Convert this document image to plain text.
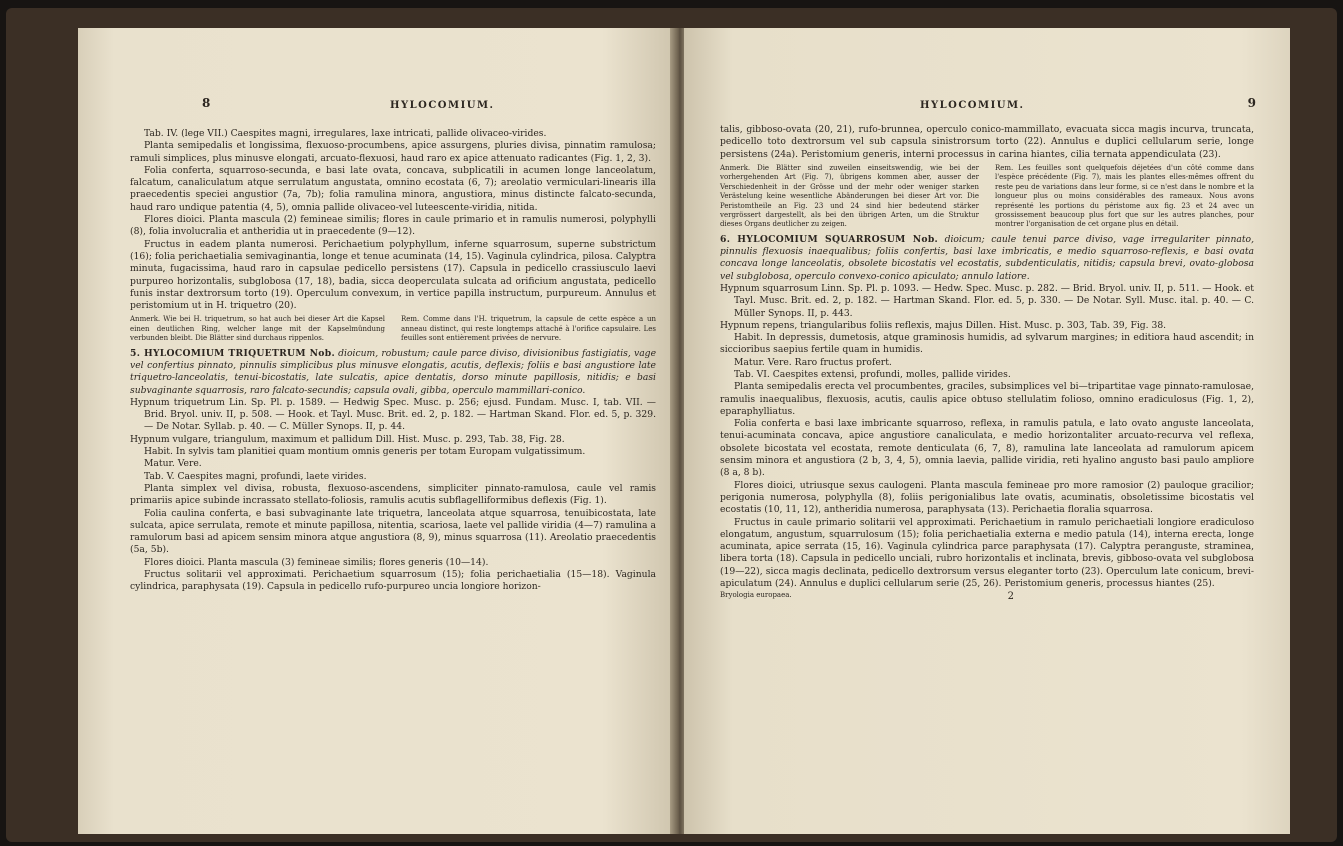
8	HYLOCOMIUM.

Tab. IV. (lege VII.) Caespites magni, irregulares, laxe intricati, pallide olivaceo-virides.

Planta semipedalis et longissima, flexuoso-procumbens, apice assurgens, pluries divisa, pinnatim ramulosa; ramuli simplices, plus minusve elongati, arcuato-flexuosi, haud raro ex apice attenuato radicantes (Fig. 1, 2, 3).

Folia conferta, squarroso-secunda, e basi late ovata, concava, subplicatili in acumen longe lanceolatum, falcatum, canaliculatum atque serrulatum angustata, omnino ecostata (6, 7); areolatio vermiculari-linearis illa praecedentis speciei angustior (7a, 7b); folia ramulina minora, angustiora, minus distincte falcato-secunda, haud raro undique patentia (4, 5), omnia pallide olivaceo-vel luteescente-viridia, nitida.

Flores dioici. Planta mascula (2) femineae similis; flores in caule primario et in ramulis numerosi, polyphylli (8), folia involucralia et antheridia ut in praecedente (9—12).

Fructus in eadem planta numerosi. Perichaetium polyphyllum, inferne squarrosum, superne substrictum (16); folia perichaetialia semivaginantia, longe et tenue acuminata (14, 15). Vaginula cylindrica, pilosa. Calyptra minuta, fugacissima, haud raro in capsulae pedicello persistens (17). Capsula in pedicello crassiusculo laevi purpureo horizontalis, subglobosa (17, 18), badia, sicca deoperculata sulcata ad orificium angustata, pedicello funis instar dextrorsum torto (19). Operculum convexum, in vertice papilla instructum, purpureum. Annulus et peristomium ut in H. triquetro (20).

Anmerk. Wie bei H. triquetrum, so hat auch bei dieser Art die Kapsel einen deutlichen Ring, welcher lange mit der Kapselmündung verbunden bleibt. Die Blätter sind durchaus rippenlos.
Rem. Comme dans l'H. triquetrum, la capsule de cette espèce a un anneau distinct, qui reste longtemps attaché à l'orifice capsulaire. Les feuilles sont entièrement privées de nervure.

5. HYLOCOMIUM TRIQUETRUM Nob. dioicum, robustum; caule parce diviso, divisionibus fastigiatis, vage vel confertius pinnato, pinnulis simplicibus plus minusve elongatis, acutis, deflexis; foliis e basi angustiore late triquetro-lanceolatis, tenui-bicostatis, late sulcatis, apice dentatis, dorso minute papillosis, nitidis; e basi subvaginante squarrosis, raro falcato-secundis; capsula ovali, gibba, operculo mammillari-conico.

Hypnum triquetrum Lin. Sp. Pl. p. 1589. — Hedwig Spec. Musc. p. 256; ejusd. Fundam. Musc. I, tab. VII. — Brid. Bryol. univ. II, p. 508. — Hook. et Tayl. Musc. Brit. ed. 2, p. 182. — Hartman Skand. Flor. ed. 5, p. 329. — De Notar. Syllab. p. 40. — C. Müller Synops. II, p. 44.

Hypnum vulgare, triangulum, maximum et pallidum Dill. Hist. Musc. p. 293, Tab. 38, Fig. 28.

Habit. In sylvis tam planitiei quam montium omnis generis per totam Europam vulgatissimum.

Matur. Vere.

Tab. V. Caespites magni, profundi, laete virides.

Planta simplex vel divisa, robusta, flexuoso-ascendens, simpliciter pinnato-ramulosa, caule vel ramis primariis apice subinde incrassato stellato-foliosis, ramulis acutis subflagelliformibus deflexis (Fig. 1).

Folia caulina conferta, e basi subvaginante late triquetra, lanceolata atque squarrosa, tenuibicostata, late sulcata, apice serrulata, remote et minute papillosa, nitentia, scariosa, laete vel pallide viridia (4—7) ramulina a ramulorum basi ad apicem sensim minora atque angustiora (8, 9), minus squarrosa (11). Areolatio praecedentis (5a, 5b).

Flores dioici. Planta mascula (3) femineae similis; flores generis (10—14).

Fructus solitarii vel approximati. Perichaetium squarrosum (15); folia perichaetialia (15—18). Vaginula cylindrica, paraphysata (19). Capsula in pedicello rufo-purpureo uncia longiore horizon-

HYLOCOMIUM.	9

talis, gibboso-ovata (20, 21), rufo-brunnea, operculo conico-mammillato, evacuata sicca magis incurva, truncata, pedicello toto dextrorsum vel sub capsula sinistrorsum torto (22). Annulus e duplici cellularum serie, longe persistens (24a). Peristomium generis, interni processus in carina hiantes, cilia ternata appendiculata (23).

Anmerk. Die Blätter sind zuweilen einseitswendig, wie bei der vorhergehenden Art (Fig. 7), übrigens kommen aber, ausser der Verschiedenheit in der Grösse und der mehr oder weniger starken Verästelung keine wesentliche Abänderungen bei dieser Art vor. Die Peristomtheile an Fig. 23 und 24 sind hier bedeutend stärker vergrössert dargestellt, als bei den übrigen Arten, um die Struktur dieses Organs deutlicher zu zeigen.
Rem. Les feuilles sont quelquefois déjetées d'un côté comme dans l'espèce précédente (Fig. 7), mais les plantes elles-mêmes offrent du reste peu de variations dans leur forme, si ce n'est dans le nombre et la longueur plus ou moins considérables des rameaux. Nous avons représenté les portions du péristome aux fig. 23 et 24 avec un grossissement beaucoup plus fort que sur les autres planches, pour montrer l'organisation de cet organe plus en détail.

6. HYLOCOMIUM SQUARROSUM Nob. dioicum; caule tenui parce diviso, vage irregulariter pinnato, pinnulis flexuosis inaequalibus; foliis confertis, basi laxe imbricatis, e medio squarroso-reflexis, e basi ovata concava longe lanceolatis, obsolete bicostatis vel ecostatis, subdenticulatis, nitidis; capsula brevi, ovato-globosa vel subglobosa, operculo convexo-conico apiculato; annulo latiore.

Hypnum squarrosum Linn. Sp. Pl. p. 1093. — Hedw. Spec. Musc. p. 282. — Brid. Bryol. univ. II, p. 511. — Hook. et Tayl. Musc. Brit. ed. 2, p. 182. — Hartman Skand. Flor. ed. 5, p. 330. — De Notar. Syll. Musc. ital. p. 40. — C. Müller Synops. II, p. 443.

Hypnum repens, triangularibus foliis reflexis, majus Dillen. Hist. Musc. p. 303, Tab. 39, Fig. 38.

Habit. In depressis, dumetosis, atque graminosis humidis, ad sylvarum margines; in editiora haud ascendit; in siccioribus saepius fertile quam in humidis.

Matur. Vere. Raro fructus profert.

Tab. VI. Caespites extensi, profundi, molles, pallide virides.

Planta semipedalis erecta vel procumbentes, graciles, subsimplices vel bi—tripartitae vage pinnato-ramulosae, ramulis inaequalibus, flexuosis, acutis, caulis apice obtuso stellulatim folioso, omnino eradiculosus (Fig. 1, 2), eparaphylliatus.

Folia conferta e basi laxe imbricante squarroso, reflexa, in ramulis patula, e lato ovato anguste lanceolata, tenui-acuminata concava, apice angustiore canaliculata, e medio horizontaliter arcuato-recurva vel reflexa, obsolete bicostata vel ecostata, remote denticulata (6, 7, 8), ramulina late lanceolata ad ramulorum apicem sensim minora et angustiora (2 b, 3, 4, 5), omnia laevia, pallide viridia, reti hyalino angusto basi paulo ampliore (8 a, 8 b).

Flores dioici, utriusque sexus caulogeni. Planta mascula femineae pro more ramosior (2) pauloque gracilior; perigonia numerosa, polyphylla (8), foliis perigonialibus late ovatis, acuminatis, obsoletissime bicostatis vel ecostatis (10, 11, 12), antheridia numerosa, paraphysata (13). Perichaetia floralia squarrosa.

Fructus in caule primario solitarii vel approximati. Perichaetium in ramulo perichaetiali longiore eradiculoso elongatum, angustum, squarrulosum (15); folia perichaetialia externa e medio patula (14), interna erecta, longe acuminata, apice serrata (15, 16). Vaginula cylindrica parce paraphysata (17). Calyptra peranguste, straminea, libera torta (18). Capsula in pedicello unciali, rubro horizontalis et inclinata, brevis, gibboso-ovata vel subglobosa (19—22), sicca magis declinata, pedicello dextrorsum versus eleganter torto (23). Operculum late conicum, brevi-apiculatum (24). Annulus e duplici cellularum serie (25, 26). Peristomium generis, processus hiantes (25).

Bryologia europaea.	2
